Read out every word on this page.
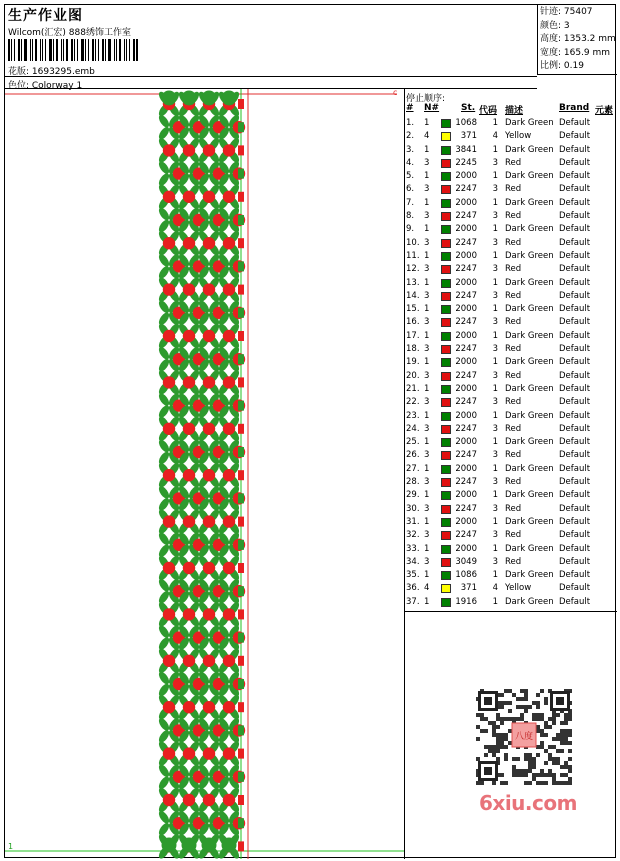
生产作业图
Wilcom(汇宏) 888绣饰工作室
花版: 1693295.emb
色位: Colorway 1
针迹: 75407
颜色: 3
高度: 1353.2 mm
宽度: 165.9 mm
比例: 0.19
c
1
停止顺序:
# N# St. 代码 描述	Brand 元素
1. 1	1068	1 Dark Green Default
2. 4	371	4 Yellow	Default
3. 1	3841	1 Dark Green Default
4. 3	2245	3 Red	Default
5. 1	2000	1 Dark Green Default
6. 3	2247	3 Red	Default
7. 1	2000	1 Dark Green Default
8. 3	2247	3 Red	Default
9. 1	2000	1 Dark Green Default
10. 3	2247	3 Red	Default
11. 1	2000	1 Dark Green Default
12. 3	2247	3 Red	Default
13. 1	2000	1 Dark Green Default
14. 3	2247	3 Red	Default
15. 1	2000	1 Dark Green Default
16. 3	2247	3 Red	Default
17. 1	2000	1 Dark Green Default
18. 3	2247	3 Red	Default
19. 1	2000	1 Dark Green Default
20. 3	2247	3 Red	Default
21. 1	2000	1 Dark Green Default
22. 3	2247	3 Red	Default
23. 1	2000	1 Dark Green Default
24. 3	2247	3 Red	Default
25. 1	2000	1 Dark Green Default
26. 3	2247	3 Red	Default
27. 1	2000	1 Dark Green Default
28. 3	2247	3 Red	Default
29. 1	2000	1 Dark Green Default
30. 3	2247	3 Red	Default
31. 1	2000	1 Dark Green Default
32. 3	2247	3 Red	Default
33. 1	2000	1 Dark Green Default
34. 3	3049	3 Red	Default
35. 1	1086	1 Dark Green Default
36. 4	371	4 Yellow	Default
37. 1	1916	1 Dark Green Default
八度
6xiu.com
